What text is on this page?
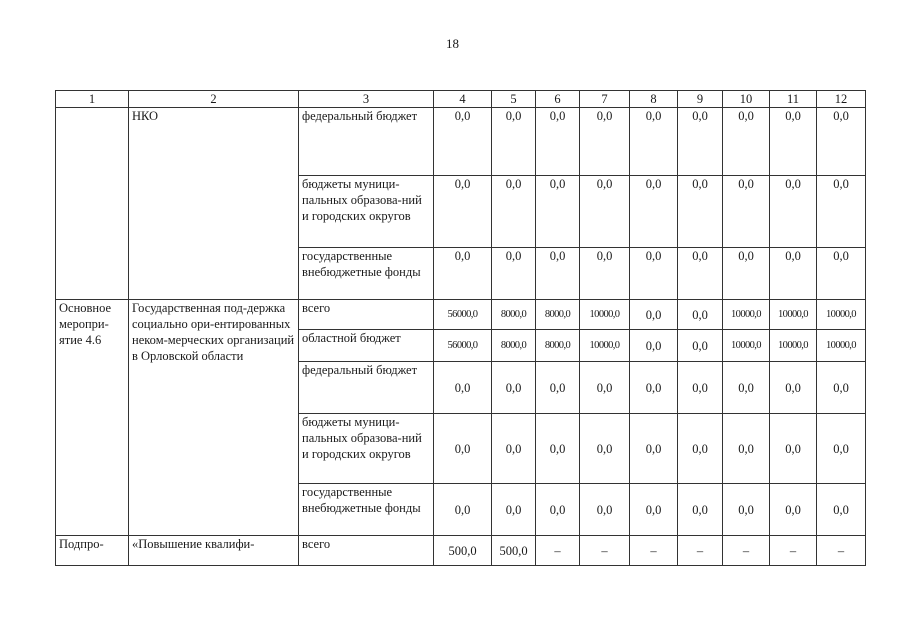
18
1	2	3	4	5	6	7	8	9	10	11	12
	НКО	федеральный бюджет	0,0	0,0	0,0	0,0	0,0	0,0	0,0	0,0	0,0
		бюджеты муници-пальных образова-ний и городских округов	0,0	0,0	0,0	0,0	0,0	0,0	0,0	0,0	0,0
		государственные внебюджетные фонды	0,0	0,0	0,0	0,0	0,0	0,0	0,0	0,0	0,0
Основное меропри-ятие 4.6	Государственная под-держка социально ори-ентированных неком-мерческих организаций в Орловской области	всего	56000,0	8000,0	8000,0	10000,0	0,0	0,0	10000,0	10000,0	10000,0
		областной бюджет	56000,0	8000,0	8000,0	10000,0	0,0	0,0	10000,0	10000,0	10000,0
		федеральный бюджет	0,0	0,0	0,0	0,0	0,0	0,0	0,0	0,0	0,0
		бюджеты муници-пальных образова-ний и городских округов	0,0	0,0	0,0	0,0	0,0	0,0	0,0	0,0	0,0
		государственные внебюджетные фонды	0,0	0,0	0,0	0,0	0,0	0,0	0,0	0,0	0,0
Подпро-	«Повышение квалифи-	всего	500,0	500,0	–	–	–	–	–	–	–
